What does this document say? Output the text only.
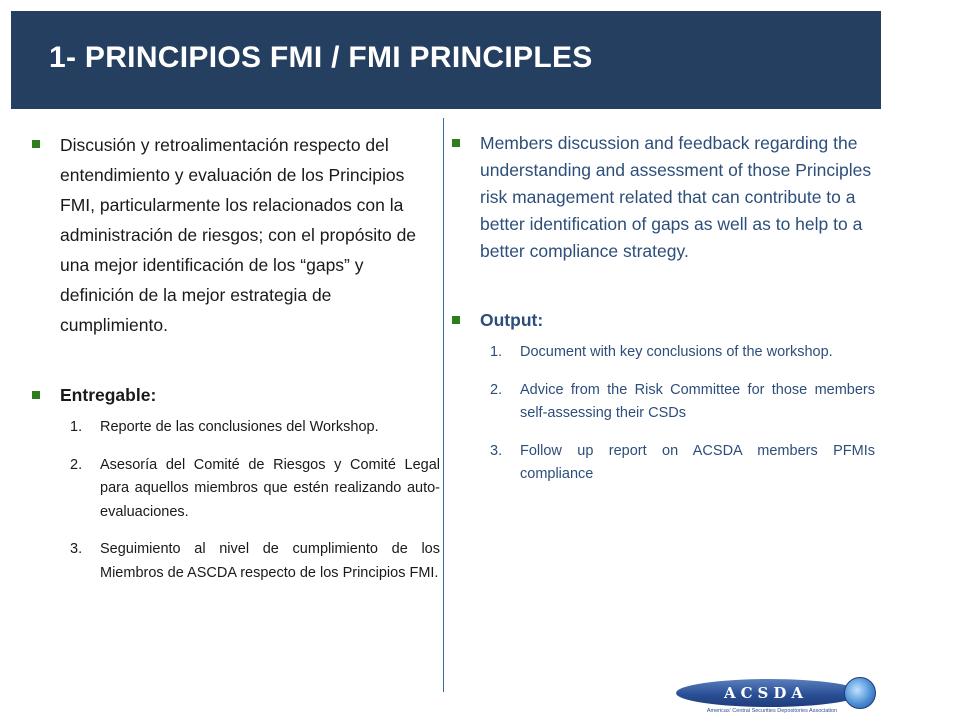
1- PRINCIPIOS FMI / FMI PRINCIPLES
Discusión y retroalimentación respecto del entendimiento y evaluación de los Principios FMI, particularmente los relacionados con la administración de riesgos; con el propósito de una mejor identificación de los “gaps” y definición de la mejor estrategia de cumplimiento.
Entregable:
1. Reporte de las conclusiones del Workshop.
2. Asesoría del Comité de Riesgos y Comité Legal para aquellos miembros que estén realizando auto-evaluaciones.
3. Seguimiento al nivel de cumplimiento de los Miembros de ASCDA respecto de los Principios FMI.
Members discussion and feedback regarding the understanding and assessment of those Principles risk management related that can contribute to a better identification of gaps as well as to help to a better compliance strategy.
Output:
1. Document with key conclusions of the workshop.
2. Advice from the Risk Committee for those members self-assessing their CSDs
3. Follow up report on ACSDA members PFMIs compliance
ACSDA
Americas' Central Securities Depositories Association
